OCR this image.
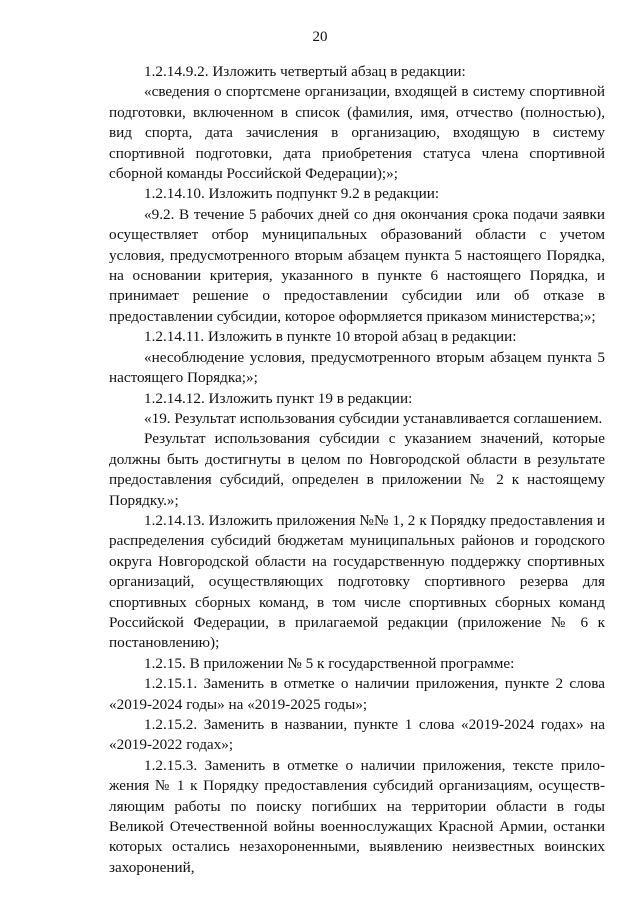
20

1.2.14.9.2. Изложить четвертый абзац в редакции:

«сведения о спортсмене организации, входящей в систему спортивной подготовки, включенном в список (фамилия, имя, отчество (полностью), вид спорта, дата зачисления в организацию, входящую в систему спортивной подготовки, дата приобретения статуса члена спортивной сборной команды Российской Федерации);»;

1.2.14.10. Изложить подпункт 9.2 в редакции:

«9.2. В течение 5 рабочих дней со дня окончания срока подачи заявки осуществляет отбор муниципальных образований области с учетом условия, предусмотренного вторым абзацем пункта 5 настоящего Порядка, на основании критерия, указанного в пункте 6 настоящего Порядка, и принимает решение о предоставлении субсидии или об отказе в предоставлении субсидии, которое оформляется приказом министерства;»;

1.2.14.11. Изложить в пункте 10 второй абзац в редакции:

«несоблюдение условия, предусмотренного вторым абзацем пункта 5 настоящего Порядка;»;

1.2.14.12. Изложить пункт 19 в редакции:

«19. Результат использования субсидии устанавливается соглашением.

Результат использования субсидии с указанием значений, которые должны быть достигнуты в целом по Новгородской области в результате предоставления субсидий, определен в приложении № 2 к настоящему Порядку.»;

1.2.14.13. Изложить приложения №№ 1, 2 к Порядку предоставления и распределения субсидий бюджетам муниципальных районов и городского округа Новгородской области на государственную поддержку спортивных организаций, осуществляющих подготовку спортивного резерва для спортивных сборных команд, в том числе спортивных сборных команд Российской Федерации, в прилагаемой редакции (приложение № 6 к постановлению);

1.2.15. В приложении № 5 к государственной программе:

1.2.15.1. Заменить в отметке о наличии приложения, пункте 2 слова «2019-2024 годы» на «2019-2025 годы»;

1.2.15.2. Заменить в названии, пункте 1 слова «2019-2024 годах» на «2019-2022 годах»;

1.2.15.3. Заменить в отметке о наличии приложения, тексте приложения № 1 к Порядку предоставления субсидий организациям, осуществляющим работы по поиску погибших на территории области в годы Великой Отечественной войны военнослужащих Красной Армии, останки которых остались незахороненными, выявлению неизвестных воинских захоронений,
